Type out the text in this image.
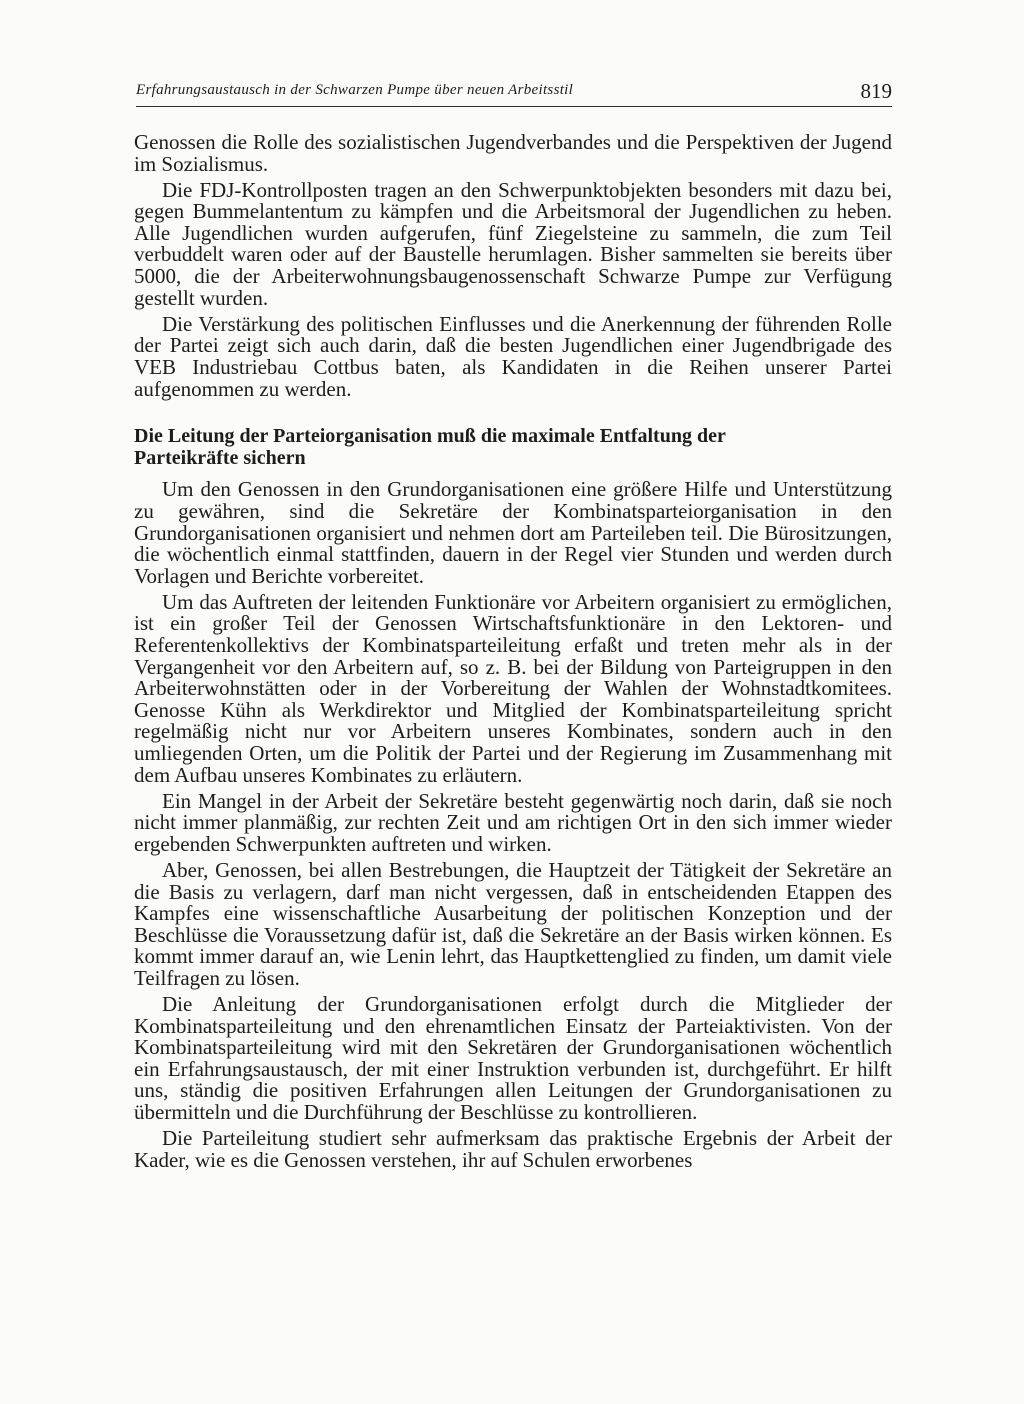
Erfahrungsaustausch in der Schwarzen Pumpe über neuen Arbeitsstil	819

Genossen die Rolle des sozialistischen Jugendverbandes und die Perspektiven der Jugend im Sozialismus.

Die FDJ-Kontrollposten tragen an den Schwerpunktobjekten besonders mit dazu bei, gegen Bummelantentum zu kämpfen und die Arbeitsmoral der Jugendlichen zu heben. Alle Jugendlichen wurden aufgerufen, fünf Ziegelsteine zu sammeln, die zum Teil verbuddelt waren oder auf der Baustelle herumlagen. Bisher sammelten sie bereits über 5000, die der Arbeiterwohnungsbaugenossenschaft Schwarze Pumpe zur Verfügung gestellt wurden.

Die Verstärkung des politischen Einflusses und die Anerkennung der führenden Rolle der Partei zeigt sich auch darin, daß die besten Jugendlichen einer Jugendbrigade des VEB Industriebau Cottbus baten, als Kandidaten in die Reihen unserer Partei aufgenommen zu werden.

Die Leitung der Parteiorganisation muß die maximale Entfaltung der Parteikräfte sichern

Um den Genossen in den Grundorganisationen eine größere Hilfe und Unterstützung zu gewähren, sind die Sekretäre der Kombinatsparteiorganisation in den Grundorganisationen organisiert und nehmen dort am Parteileben teil. Die Bürositzungen, die wöchentlich einmal stattfinden, dauern in der Regel vier Stunden und werden durch Vorlagen und Berichte vorbereitet.

Um das Auftreten der leitenden Funktionäre vor Arbeitern organisiert zu ermöglichen, ist ein großer Teil der Genossen Wirtschaftsfunktionäre in den Lektoren- und Referentenkollektivs der Kombinatsparteileitung erfaßt und treten mehr als in der Vergangenheit vor den Arbeitern auf, so z. B. bei der Bildung von Parteigruppen in den Arbeiterwohnstätten oder in der Vorbereitung der Wahlen der Wohnstadtkomitees. Genosse Kühn als Werkdirektor und Mitglied der Kombinatsparteileitung spricht regelmäßig nicht nur vor Arbeitern unseres Kombinates, sondern auch in den umliegenden Orten, um die Politik der Partei und der Regierung im Zusammenhang mit dem Aufbau unseres Kombinates zu erläutern.

Ein Mangel in der Arbeit der Sekretäre besteht gegenwärtig noch darin, daß sie noch nicht immer planmäßig, zur rechten Zeit und am richtigen Ort in den sich immer wieder ergebenden Schwerpunkten auftreten und wirken.

Aber, Genossen, bei allen Bestrebungen, die Hauptzeit der Tätigkeit der Sekretäre an die Basis zu verlagern, darf man nicht vergessen, daß in entscheidenden Etappen des Kampfes eine wissenschaftliche Ausarbeitung der politischen Konzeption und der Beschlüsse die Voraussetzung dafür ist, daß die Sekretäre an der Basis wirken können. Es kommt immer darauf an, wie Lenin lehrt, das Hauptkettenglied zu finden, um damit viele Teilfragen zu lösen.

Die Anleitung der Grundorganisationen erfolgt durch die Mitglieder der Kombinatsparteileitung und den ehrenamtlichen Einsatz der Parteiaktivisten. Von der Kombinatsparteileitung wird mit den Sekretären der Grundorganisationen wöchentlich ein Erfahrungsaustausch, der mit einer Instruktion verbunden ist, durchgeführt. Er hilft uns, ständig die positiven Erfahrungen allen Leitungen der Grundorganisationen zu übermitteln und die Durchführung der Beschlüsse zu kontrollieren.

Die Parteileitung studiert sehr aufmerksam das praktische Ergebnis der Arbeit der Kader, wie es die Genossen verstehen, ihr auf Schulen erworbenes
